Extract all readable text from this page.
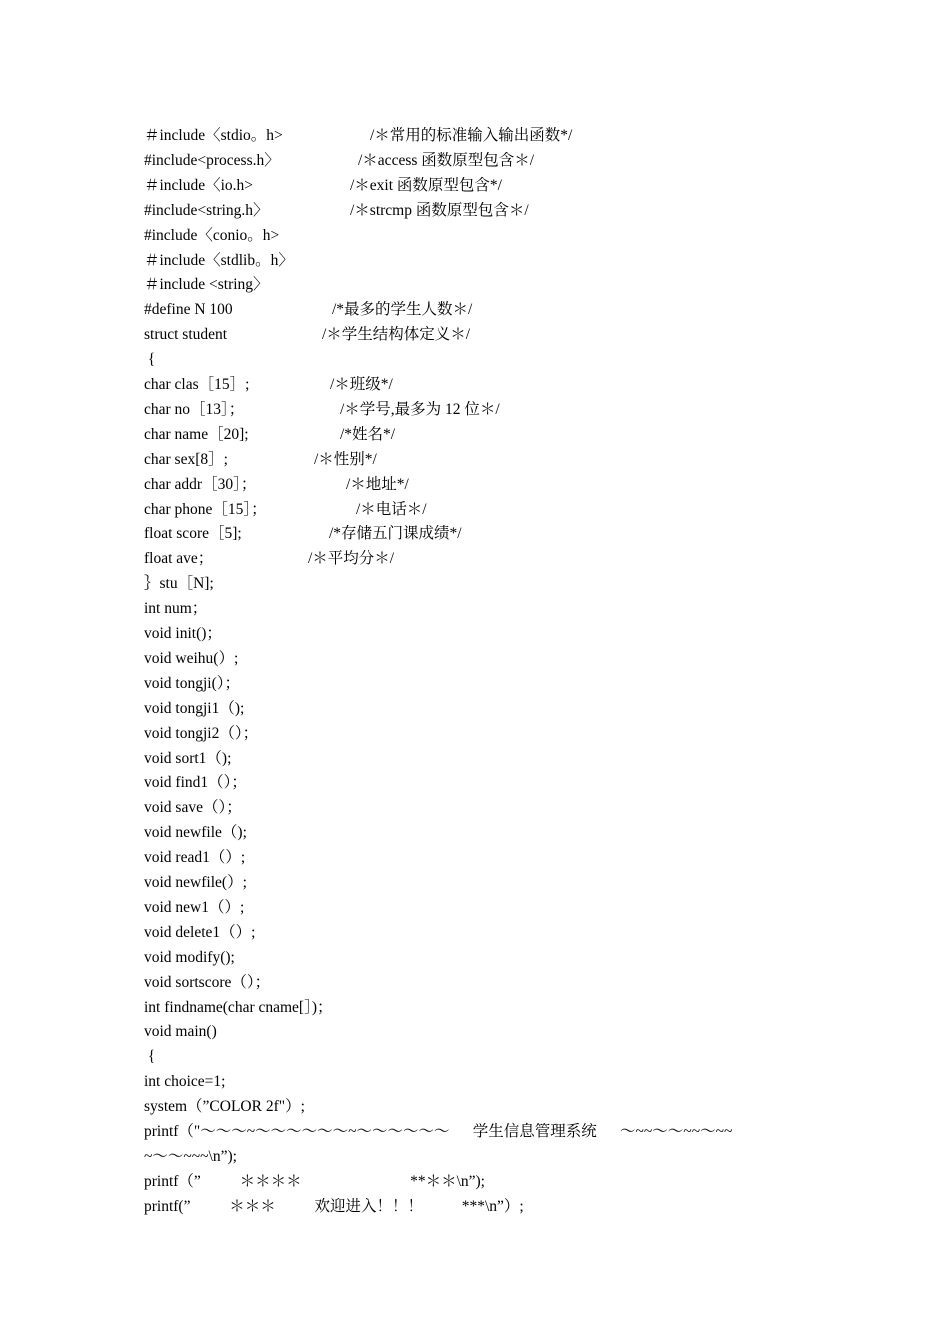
＃include〈stdio。h>	/＊常用的标准输入输出函数*/
#include<process.h〉	/＊access 函数原型包含＊/
＃include〈io.h>	/＊exit 函数原型包含*/
#include<string.h〉	/＊strcmp 函数原型包含＊/
#include〈conio。h>
＃include〈stdlib。h〉
＃include <string〉
#define N 100	/*最多的学生人数＊/
struct student	/＊学生结构体定义＊/
{
char clas［15］;	/＊班级*/
char no［13］；	/＊学号,最多为 12 位＊/
char name［20];	/*姓名*/
char sex[8］;	/＊性别*/
char addr［30］；	/＊地址*/
char phone［15］；	/＊电话＊/
float score［5];	/*存储五门课成绩*/
float ave；	/＊平均分＊/
｝stu［N];
int num；
void init()；
void weihu(）;
void tongji(）；
void tongji1（);
void tongji2（）；
void sort1（);
void find1（）；
void save（）；
void newfile（);
void read1（）;
void newfile(）;
void new1（）;
void delete1（）;
void modify();
void sortscore（）；
int findname(char cname[］)；
void main()
{
int choice=1;
system（”COLOR 2f"）;
printf（"～～～~～～～～～～~～～～～～～      学生信息管理系统      ～~~～～~~～~~
~～～~~~\n”);
printf（”          ＊＊＊＊                            **＊＊\n”);
printf(”          ＊＊＊          欢迎进入！！！          ***\n”）;
